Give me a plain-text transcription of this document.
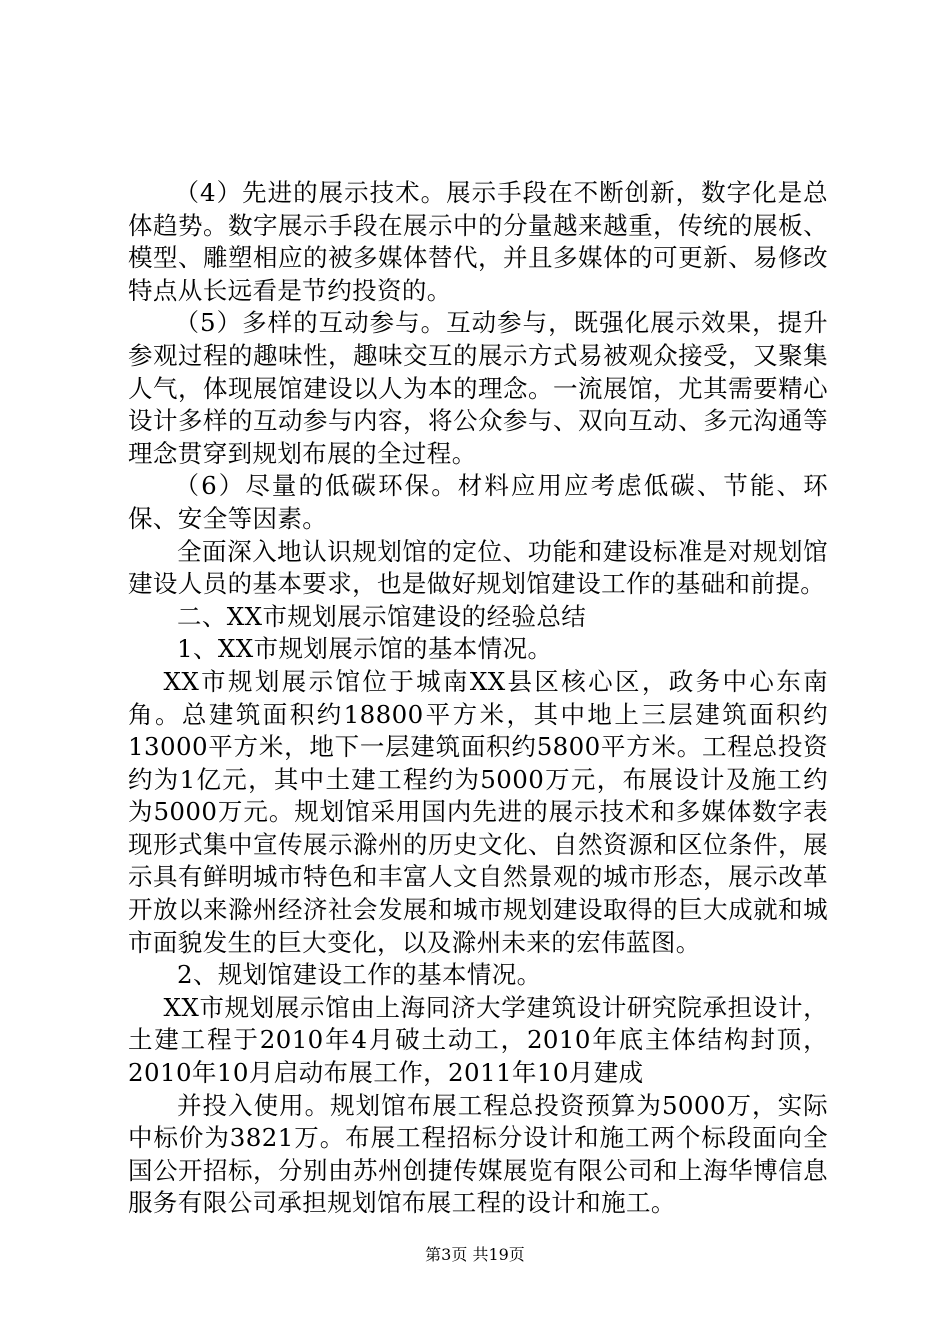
（4）先进的展示技术。展示手段在不断创新，数字化是总体趋势。数字展示手段在展示中的分量越来越重，传统的展板、模型、雕塑相应的被多媒体替代，并且多媒体的可更新、易修改特点从长远看是节约投资的。

（5）多样的互动参与。互动参与，既强化展示效果，提升参观过程的趣味性，趣味交互的展示方式易被观众接受，又聚集人气，体现展馆建设以人为本的理念。一流展馆，尤其需要精心设计多样的互动参与内容，将公众参与、双向互动、多元沟通等理念贯穿到规划布展的全过程。

（6）尽量的低碳环保。材料应用应考虑低碳、节能、环保、安全等因素。

全面深入地认识规划馆的定位、功能和建设标准是对规划馆建设人员的基本要求，也是做好规划馆建设工作的基础和前提。

二、XX市规划展示馆建设的经验总结

1、XX市规划展示馆的基本情况。

XX市规划展示馆位于城南XX县区核心区，政务中心东南角。总建筑面积约18800平方米，其中地上三层建筑面积约13000平方米，地下一层建筑面积约5800平方米。工程总投资约为1亿元，其中土建工程约为5000万元，布展设计及施工约为5000万元。规划馆采用国内先进的展示技术和多媒体数字表现形式集中宣传展示滁州的历史文化、自然资源和区位条件，展示具有鲜明城市特色和丰富人文自然景观的城市形态，展示改革开放以来滁州经济社会发展和城市规划建设取得的巨大成就和城市面貌发生的巨大变化，以及滁州未来的宏伟蓝图。

2、规划馆建设工作的基本情况。

XX市规划展示馆由上海同济大学建筑设计研究院承担设计，土建工程于2010年4月破土动工，2010年底主体结构封顶，2010年10月启动布展工作，2011年10月建成

并投入使用。规划馆布展工程总投资预算为5000万，实际中标价为3821万。布展工程招标分设计和施工两个标段面向全国公开招标，分别由苏州创捷传媒展览有限公司和上海华博信息服务有限公司承担规划馆布展工程的设计和施工。

第3页 共19页
